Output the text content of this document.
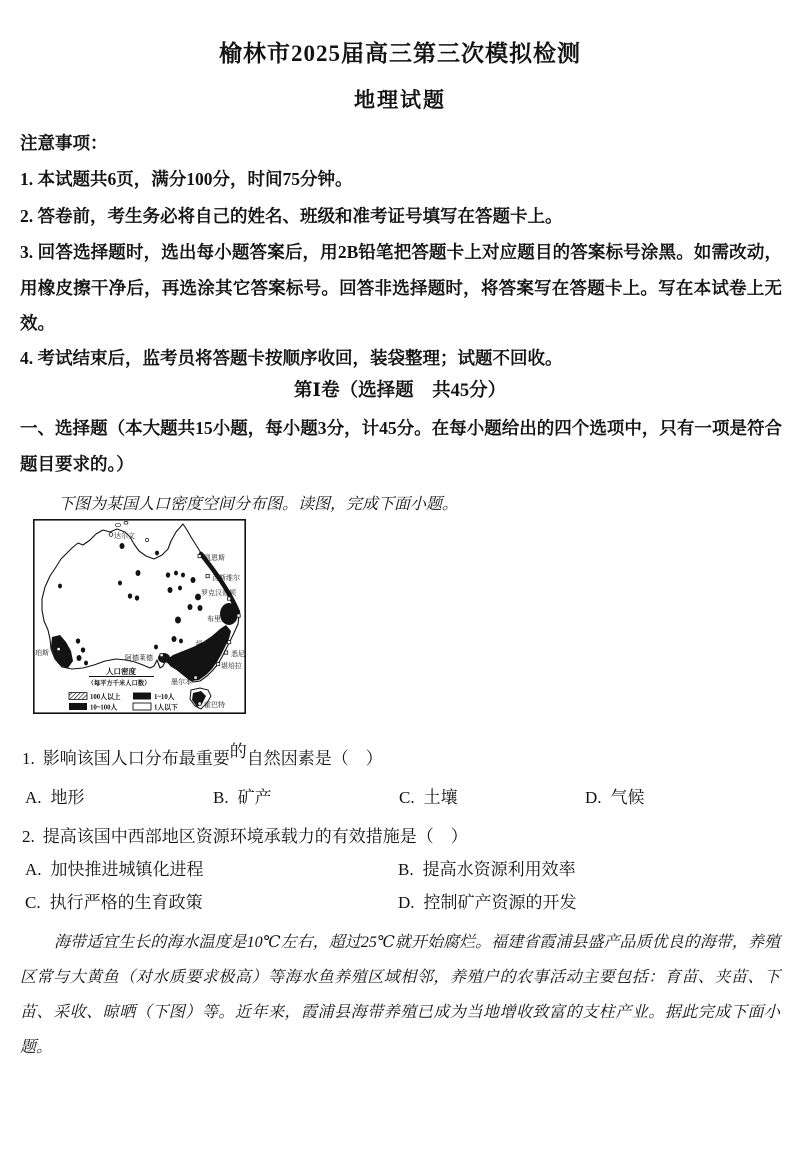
榆林市2025届高三第三次模拟检测
地理试题
注意事项：
1. 本试题共6页，满分100分，时间75分钟。
2. 答卷前，考生务必将自己的姓名、班级和准考证号填写在答题卡上。
3. 回答选择题时，选出每小题答案后，用2B铅笔把答题卡上对应题目的答案标号涂黑。如需改动，用橡皮擦干净后，再选涂其它答案标号。回答非选择题时，将答案写在答题卡上。写在本试卷上无效。
4. 考试结束后，监考员将答题卡按顺序收回，装袋整理；试题不回收。
第Ⅰ卷（选择题　共45分）
一、选择题（本大题共15小题，每小题3分，计45分。在每小题给出的四个选项中，只有一项是符合题目要求的。）
下图为某国人口密度空间分布图。读图，完成下面小题。
达尔文
凯恩斯
汤斯维尔
罗克汉普顿
布里斯班
纽卡斯尔
悉尼
堪培拉
墨尔本
阿德莱德
珀斯
霍巴特
人口密度
（每平方千米人口数）
100人以上	1~10人
10~100人	1人以下
1. 影响该国人口分布最重要的自然因素是（　）
A. 地形	B. 矿产	C. 土壤	D. 气候
2. 提高该国中西部地区资源环境承载力的有效措施是（　）
A. 加快推进城镇化进程	B. 提高水资源利用效率
C. 执行严格的生育政策	D. 控制矿产资源的开发
海带适宜生长的海水温度是10℃左右，超过25℃就开始腐烂。福建省霞浦县盛产品质优良的海带，养殖区常与大黄鱼（对水质要求极高）等海水鱼养殖区域相邻，养殖户的农事活动主要包括：育苗、夹苗、下苗、采收、晾晒（下图）等。近年来，霞浦县海带养殖已成为当地增收致富的支柱产业。据此完成下面小题。
